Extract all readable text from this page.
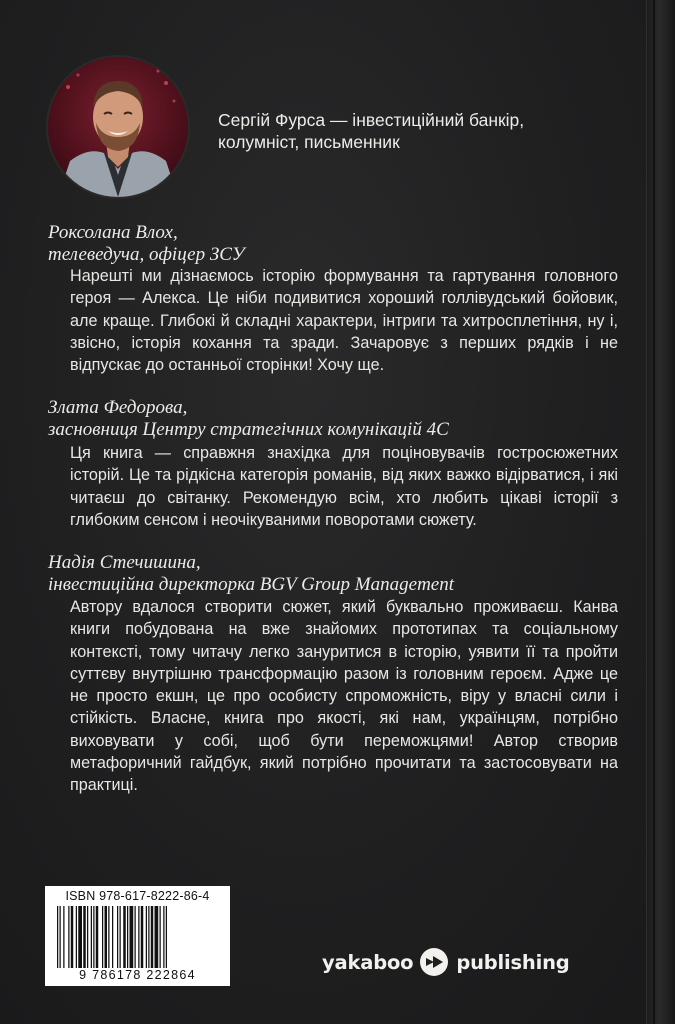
Сергій Фурса — інвестиційний банкір,
колумніст, письменник
Роксолана Влох,
телеведуча, офіцер ЗСУ
Нарешті ми дізнаємось історію формування та гартування головного героя — Алекса. Це ніби подивитися хороший голлівудський бойовик, але краще. Глибокі й складні характери, інтриги та хитросплетіння, ну і, звісно, історія кохання та зради. Зачаровує з перших рядків і не відпускає до останньої сторінки! Хочу ще.
Злата Федорова,
засновниця Центру стратегічних комунікацій 4С
Ця книга — справжня знахідка для поціновувачів гостросюжетних історій. Це та рідкісна категорія романів, від яких важко відірватися, і які читаєш до світанку. Рекомендую всім, хто любить цікаві історії з глибоким сенсом і неочікуваними поворотами сюжету.
Надія Стечишина,
інвестиційна директорка BGV Group Management
Автору вдалося створити сюжет, який буквально проживаєш. Канва книги побудована на вже знайомих прототипах та соціальному контексті, тому читачу легко зануритися в історію, уявити її та пройти суттєву внутрішню трансформацію разом із головним героєм. Адже це не просто екшн, це про особисту спроможність, віру у власні сили і стійкість. Власне, книга про якості, які нам, українцям, потрібно виховувати у собі, щоб бути переможцями! Автор створив метафоричний гайдбук, який потрібно прочитати та застосовувати на практиці.
ISBN 978-617-8222-86-4
9 786178 222864
yakaboo publishing
